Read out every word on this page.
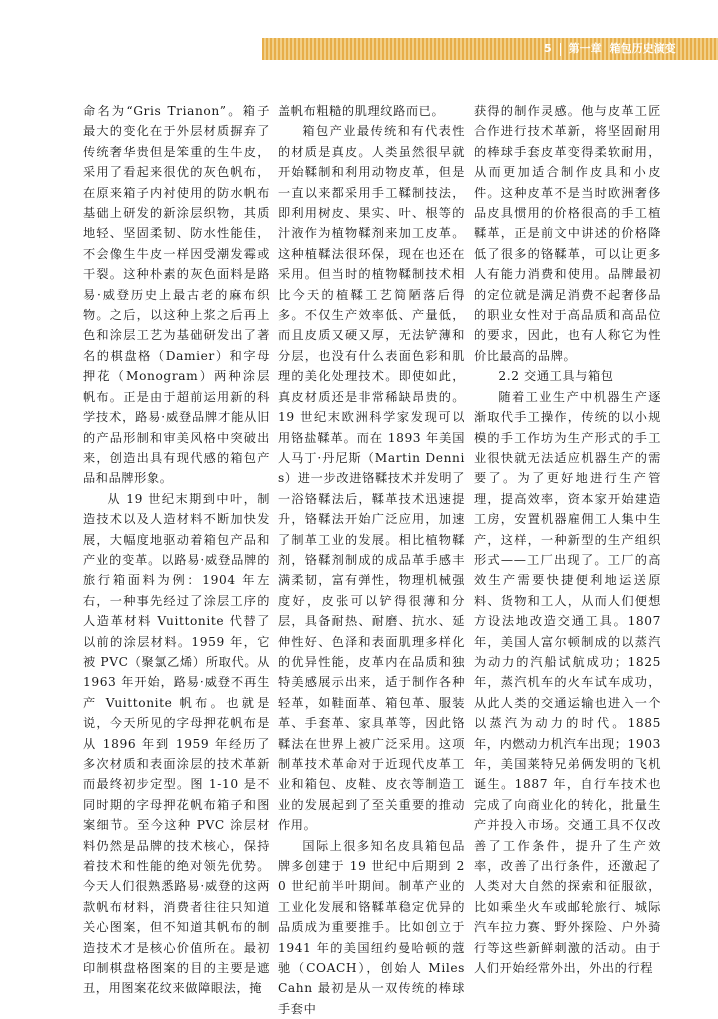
5 第一章 箱包历史演变

命名为“Gris Trianon”。箱子最大的变化在于外层材质摒弃了传统奢华贵但是笨重的生牛皮，采用了看起来很优的灰色帆布，在原来箱子内衬使用的防水帆布基础上研发的新涂层织物，其质地轻、坚固柔韧、防水性能佳，不会像生牛皮一样因受潮发霉或干裂。这种朴素的灰色面料是路易·威登历史上最古老的麻布织物。之后，以这种上浆之后再上色和涂层工艺为基础研发出了著名的棋盘格（Damier）和字母押花（Monogram）两种涂层帆布。正是由于超前运用新的科学技术，路易·威登品牌才能从旧的产品形制和审美风格中突破出来，创造出具有现代感的箱包产品和品牌形象。

从 19 世纪末期到中叶，制造技术以及人造材料不断加快发展，大幅度地驱动着箱包产品和产业的变革。以路易·威登品牌的旅行箱面料为例：1904 年左右，一种事先经过了涂层工序的人造革材料 Vuittonite 代替了以前的涂层材料。1959 年，它被 PVC（聚氯乙烯）所取代。从 1963 年开始，路易·威登不再生产 Vuittonite 帆布。也就是说，今天所见的字母押花帆布是从 1896 年到 1959 年经历了多次材质和表面涂层的技术革新而最终初步定型。图 1-10 是不同时期的字母押花帆布箱子和图案细节。至今这种 PVC 涂层材料仍然是品牌的技术核心，保持着技术和性能的绝对领先优势。今天人们很熟悉路易·威登的这两款帆布材料，消费者往往只知道关心图案，但不知道其帆布的制造技术才是核心价值所在。最初印制棋盘格图案的目的主要是遮丑，用图案花纹来做障眼法，掩

盖帆布粗糙的肌理纹路而已。

箱包产业最传统和有代表性的材质是真皮。人类虽然很早就开始鞣制和利用动物皮革，但是一直以来都采用手工鞣制技法，即利用树皮、果实、叶、根等的汁液作为植物鞣剂来加工皮革。这种植鞣法很环保，现在也还在采用。但当时的植物鞣制技术相比今天的植鞣工艺简陋落后得多。不仅生产效率低、产量低，而且皮质又硬又厚，无法铲薄和分层，也没有什么表面色彩和肌理的美化处理技术。即使如此，真皮材质还是非常稀缺昂贵的。19 世纪末欧洲科学家发现可以用铬盐鞣革。而在 1893 年美国人马丁·丹尼斯（Martin Dennis）进一步改进铬鞣技术并发明了一浴铬鞣法后，鞣革技术迅速提升，铬鞣法开始广泛应用，加速了制革工业的发展。相比植物鞣剂，铬鞣剂制成的成品革手感丰满柔韧，富有弹性，物理机械强度好，皮张可以铲得很薄和分层，具备耐热、耐磨、抗水、延伸性好、色泽和表面肌理多样化的优异性能，皮革内在品质和独特美感展示出来，适于制作各种轻革，如鞋面革、箱包革、服装革、手套革、家具革等，因此铬鞣法在世界上被广泛采用。这项制革技术革命对于近现代皮革工业和箱包、皮鞋、皮衣等制造工业的发展起到了至关重要的推动作用。

国际上很多知名皮具箱包品牌多创建于 19 世纪中后期到 20 世纪前半叶期间。制革产业的工业化发展和铬鞣革稳定优异的品质成为重要推手。比如创立于 1941 年的美国纽约曼哈顿的蔻驰（COACH），创始人 Miles Cahn 最初是从一双传统的棒球手套中

获得的制作灵感。他与皮革工匠合作进行技术革新，将坚固耐用的棒球手套皮革变得柔软耐用，从而更加适合制作皮具和小皮件。这种皮革不是当时欧洲奢侈品皮具惯用的价格很高的手工植鞣革，正是前文中讲述的价格降低了很多的铬鞣革，可以让更多人有能力消费和使用。品牌最初的定位就是满足消费不起奢侈品的职业女性对于高品质和高品位的要求，因此，也有人称它为性价比最高的品牌。

2.2 交通工具与箱包

随着工业生产中机器生产逐渐取代手工操作，传统的以小规模的手工作坊为生产形式的手工业很快就无法适应机器生产的需要了。为了更好地进行生产管理，提高效率，资本家开始建造工房，安置机器雇佣工人集中生产，这样，一种新型的生产组织形式——工厂出现了。工厂的高效生产需要快捷便利地运送原料、货物和工人，从而人们便想方设法地改造交通工具。1807 年，美国人富尔顿制成的以蒸汽为动力的汽船试航成功；1825 年，蒸汽机车的火车试车成功，从此人类的交通运输也进入一个以蒸汽为动力的时代。1885 年，内燃动力机汽车出现；1903 年，美国莱特兄弟俩发明的飞机诞生。1887 年，自行车技术也完成了向商业化的转化，批量生产并投入市场。交通工具不仅改善了工作条件，提升了生产效率，改善了出行条件，还激起了人类对大自然的探索和征服欲，比如乘坐火车或邮轮旅行、城际汽车拉力赛、野外探险、户外骑行等这些新鲜刺激的活动。由于人们开始经常外出，外出的行程
